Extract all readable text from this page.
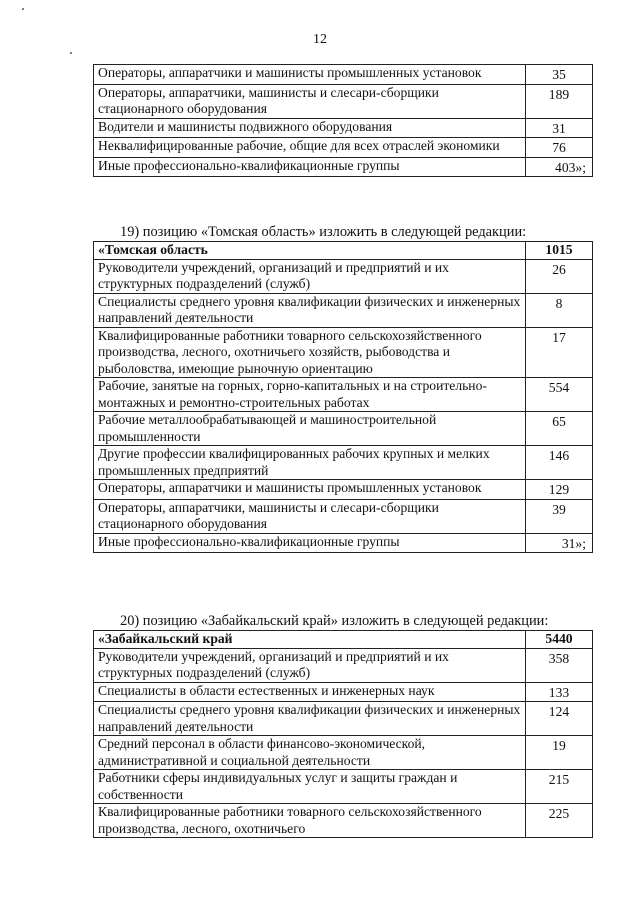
12
Операторы, аппаратчики и машинисты промышленных установок	35
Операторы, аппаратчики, машинисты и слесари-сборщики стационарного оборудования	189
Водители и машинисты подвижного оборудования	31
Неквалифицированные рабочие, общие для всех отраслей экономики	76
Иные профессионально-квалификационные группы	403»;
19) позицию «Томская область» изложить в следующей редакции:
«Томская область	1015
Руководители учреждений, организаций и предприятий и их структурных подразделений (служб)	26
Специалисты среднего уровня квалификации физических и инженерных направлений деятельности	8
Квалифицированные работники товарного сельскохозяйственного производства, лесного, охотничьего хозяйств, рыбоводства и рыболовства, имеющие рыночную ориентацию	17
Рабочие, занятые на горных, горно-капитальных и на строительно-монтажных и ремонтно-строительных работах	554
Рабочие металлообрабатывающей и машиностроительной промышленности	65
Другие профессии квалифицированных рабочих крупных и мелких промышленных предприятий	146
Операторы, аппаратчики и машинисты промышленных установок	129
Операторы, аппаратчики, машинисты и слесари-сборщики стационарного оборудования	39
Иные профессионально-квалификационные группы	31»;
20) позицию «Забайкальский край» изложить в следующей редакции:
«Забайкальский край	5440
Руководители учреждений, организаций и предприятий и их структурных подразделений (служб)	358
Специалисты в области естественных и инженерных наук	133
Специалисты среднего уровня квалификации физических и инженерных направлений деятельности	124
Средний персонал в области финансово-экономической, административной и социальной деятельности	19
Работники сферы индивидуальных услуг и защиты граждан и собственности	215
Квалифицированные работники товарного сельскохозяйственного производства, лесного, охотничьего	225
